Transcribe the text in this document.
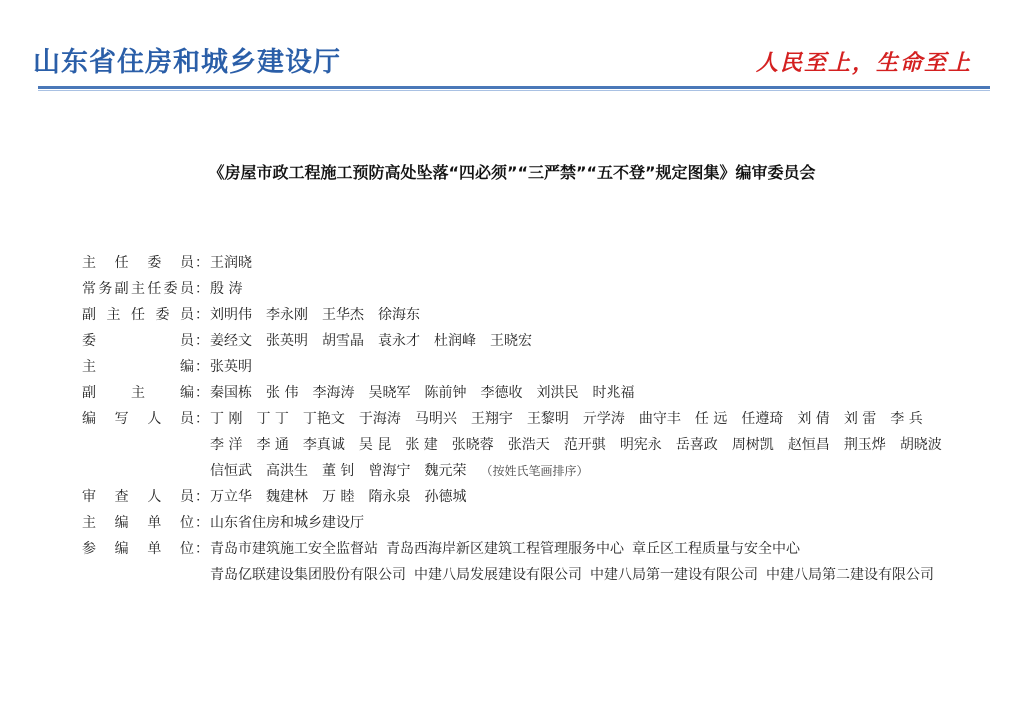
山东省住房和城乡建设厅	人民至上，生命至上
《房屋市政工程施工预防高处坠落“四必须”“三严禁”“五不登”规定图集》编审委员会
主 任 委 员 ： 王润晓
常 务 副 主 任 委 员 ： 殷 涛
副 主 任 委 员 ： 刘明伟 李永刚 王华杰 徐海东
委	员 ： 姜经文 张英明 胡雪晶 袁永才 杜润峰 王晓宏
主	编 ： 张英明
副	主	编 ： 秦国栋 张 伟 李海涛 吴晓军 陈前钟 李德收 刘洪民 时兆福
编 写 人 员 ： 丁 刚 丁 丁 丁艳文 于海涛 马明兴 王翔宇 王黎明 亓学涛 曲守丰 任 远 任遵琦 刘 倩 刘 雷 李 兵
李 洋 李 通 李真诚 吴 昆 张 建 张晓蓉 张浩天 范开骐 明宪永 岳喜政 周树凯 赵恒昌 荆玉烨 胡晓波
信恒武 高洪生 董 钊 曾海宁 魏元荣 （按姓氏笔画排序）
审 查 人 员 ： 万立华 魏建林 万 睦 隋永泉 孙德城
主 编 单 位 ： 山东省住房和城乡建设厅
参 编 单 位 ： 青岛市建筑施工安全监督站 青岛西海岸新区建筑工程管理服务中心 章丘区工程质量与安全中心
青岛亿联建设集团股份有限公司 中建八局发展建设有限公司 中建八局第一建设有限公司 中建八局第二建设有限公司
